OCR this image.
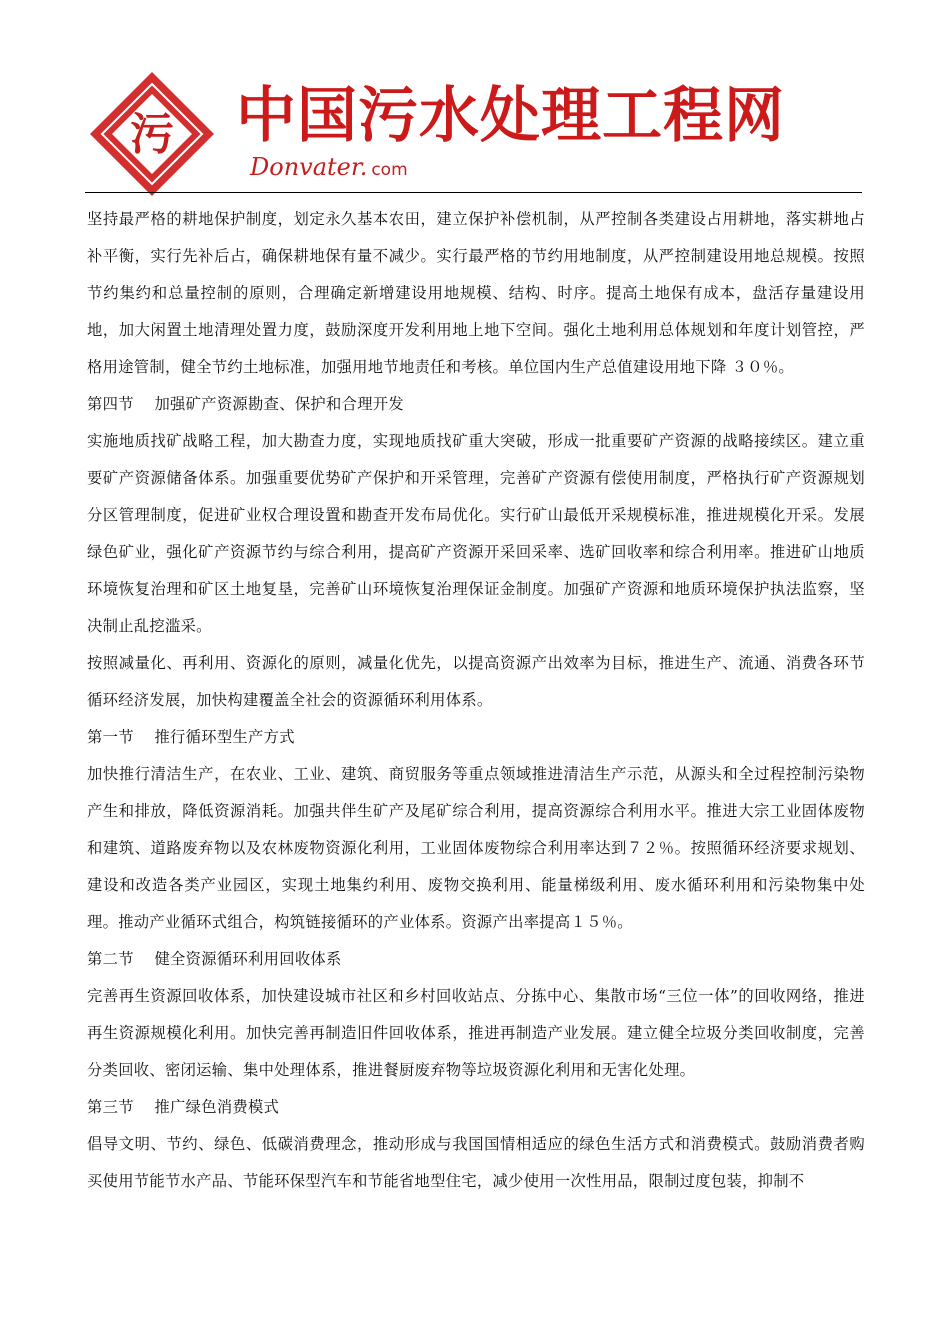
污 中国污水处理工程网
Donvater. com

坚持最严格的耕地保护制度，划定永久基本农田，建立保护补偿机制，从严控制各类建设占用耕地，落实耕地占补平衡，实行先补后占，确保耕地保有量不减少。实行最严格的节约用地制度，从严控制建设用地总规模。按照节约集约和总量控制的原则，合理确定新增建设用地规模、结构、时序。提高土地保有成本，盘活存量建设用地，加大闲置土地清理处置力度，鼓励深度开发利用地上地下空间。强化土地利用总体规划和年度计划管控，严格用途管制，健全节约土地标准，加强用地节地责任和考核。单位国内生产总值建设用地下降 ３０％。

第四节    加强矿产资源勘查、保护和合理开发

实施地质找矿战略工程，加大勘查力度，实现地质找矿重大突破，形成一批重要矿产资源的战略接续区。建立重要矿产资源储备体系。加强重要优势矿产保护和开采管理，完善矿产资源有偿使用制度，严格执行矿产资源规划分区管理制度，促进矿业权合理设置和勘查开发布局优化。实行矿山最低开采规模标准，推进规模化开采。发展绿色矿业，强化矿产资源节约与综合利用，提高矿产资源开采回采率、选矿回收率和综合利用率。推进矿山地质环境恢复治理和矿区土地复垦，完善矿山环境恢复治理保证金制度。加强矿产资源和地质环境保护执法监察，坚决制止乱挖滥采。

按照减量化、再利用、资源化的原则，减量化优先，以提高资源产出效率为目标，推进生产、流通、消费各环节循环经济发展，加快构建覆盖全社会的资源循环利用体系。

第一节    推行循环型生产方式

加快推行清洁生产，在农业、工业、建筑、商贸服务等重点领域推进清洁生产示范，从源头和全过程控制污染物产生和排放，降低资源消耗。加强共伴生矿产及尾矿综合利用，提高资源综合利用水平。推进大宗工业固体废物和建筑、道路废弃物以及农林废物资源化利用，工业固体废物综合利用率达到７２％。按照循环经济要求规划、建设和改造各类产业园区，实现土地集约利用、废物交换利用、能量梯级利用、废水循环利用和污染物集中处理。推动产业循环式组合，构筑链接循环的产业体系。资源产出率提高１５％。

第二节    健全资源循环利用回收体系

完善再生资源回收体系，加快建设城市社区和乡村回收站点、分拣中心、集散市场“三位一体”的回收网络，推进再生资源规模化利用。加快完善再制造旧件回收体系，推进再制造产业发展。建立健全垃圾分类回收制度，完善分类回收、密闭运输、集中处理体系，推进餐厨废弃物等垃圾资源化利用和无害化处理。

第三节    推广绿色消费模式

倡导文明、节约、绿色、低碳消费理念，推动形成与我国国情相适应的绿色生活方式和消费模式。鼓励消费者购买使用节能节水产品、节能环保型汽车和节能省地型住宅，减少使用一次性用品，限制过度包装，抑制不
